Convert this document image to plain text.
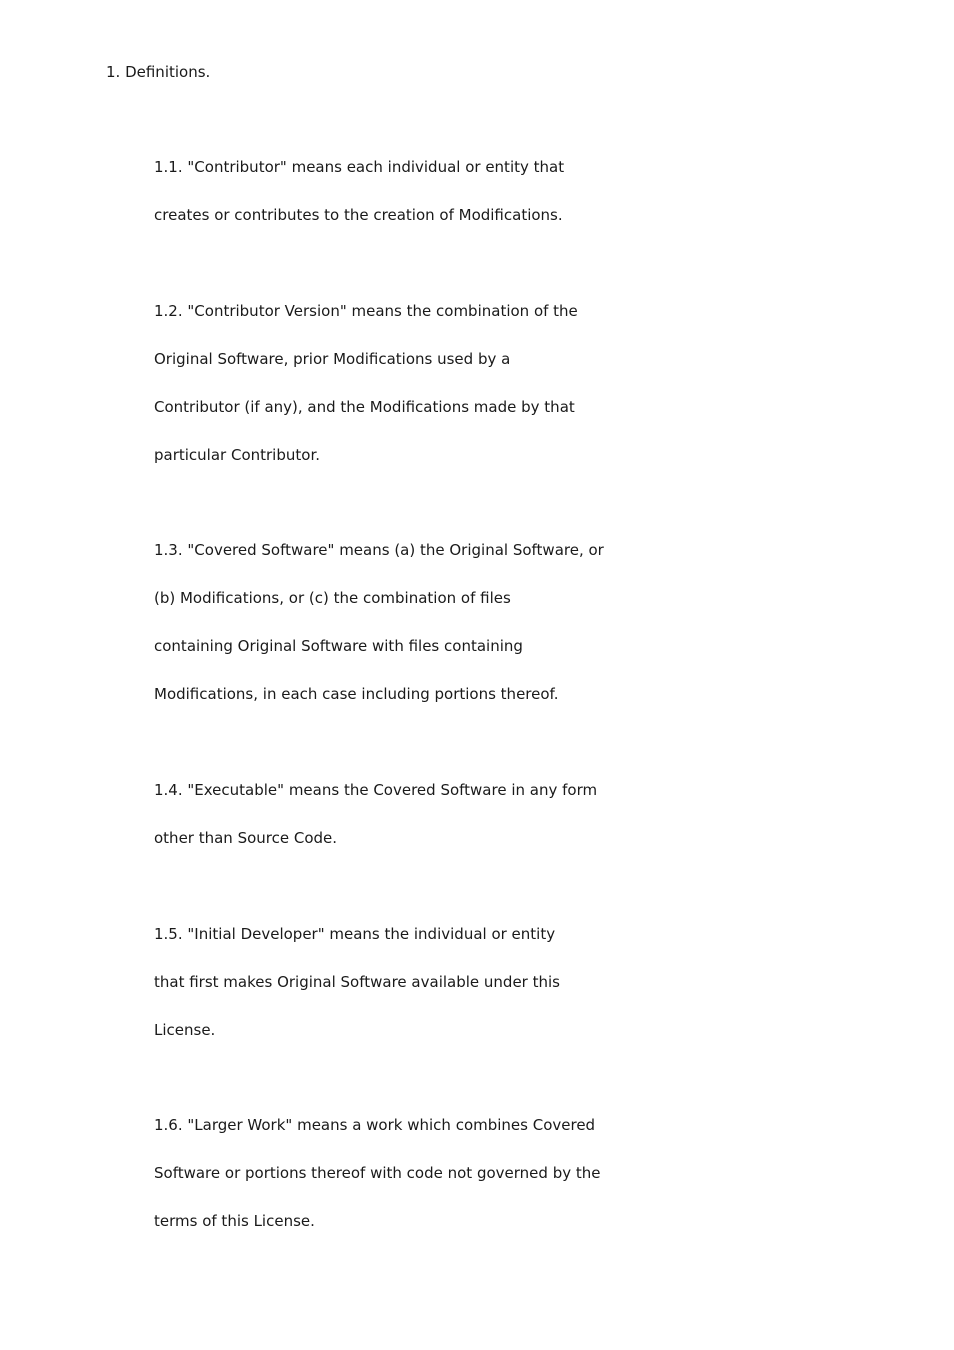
1. Definitions.
1.1. "Contributor" means each individual or entity that
creates or contributes to the creation of Modifications.
1.2. "Contributor Version" means the combination of the
Original Software, prior Modifications used by a
Contributor (if any), and the Modifications made by that
particular Contributor.
1.3. "Covered Software" means (a) the Original Software, or
(b) Modifications, or (c) the combination of files
containing Original Software with files containing
Modifications, in each case including portions thereof.
1.4. "Executable" means the Covered Software in any form
other than Source Code.
1.5. "Initial Developer" means the individual or entity
that first makes Original Software available under this
License.
1.6. "Larger Work" means a work which combines Covered
Software or portions thereof with code not governed by the
terms of this License.
